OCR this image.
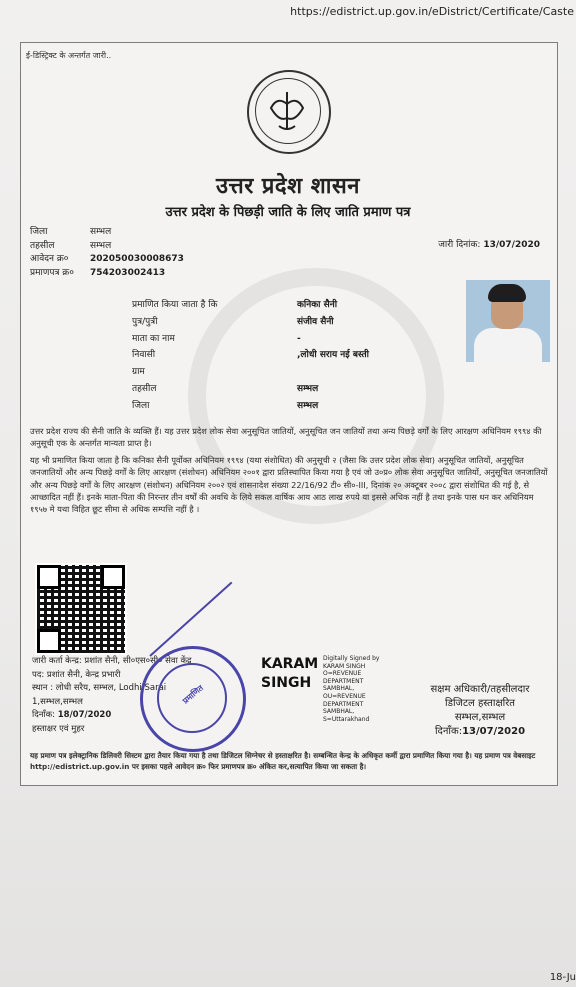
https://edistrict.up.gov.in/eDistrict/Certificate/Caste
ई-डिस्ट्रिक्ट के अन्तर्गत जारी..
उत्तर प्रदेश शासन
उत्तर प्रदेश के पिछड़ी जाति के लिए जाति प्रमाण पत्र
जिला	सम्भल
तहसील	सम्भल
आवेदन क्र०	202050030008673
प्रमाणपत्र क्र०	754203002413
जारी दिनांक: 13/07/2020
प्रमाणित किया जाता है कि	कनिका सैनी
पुत्र/पुत्री	संजीव सैनी
माता का नाम	-
निवासी	,लोधी सराय नई बस्ती
ग्राम
तहसील	सम्भल
जिला	सम्भल
उत्तर प्रदेश राज्य की सैनी जाति के व्यक्ति हैं। यह उत्तर प्रदेश लोक सेवा अनुसूचित जातियों, अनुसूचित जन जातियों तथा अन्य पिछड़े वर्गों के लिए आरक्षण अधिनियम १९९४ की अनुसूची एक के अन्तर्गत मान्यता प्राप्त है।
यह भी प्रमाणित किया जाता है कि कनिका सैनी पूर्वोक्त अधिनियम १९९४ (यथा संशोधित) की अनुसूची २ (जैसा कि उत्तर प्रदेश लोक सेवा) अनुसूचित जातियों, अनुसूचित जनजातियों और अन्य पिछड़े वर्गों के लिए आरक्षण (संशोधन) अधिनियम २००१ द्वारा प्रतिस्थापित किया गया है एवं जो उ०प्र० लोक सेवा अनुसूचित जातियों, अनुसूचित जनजातियों और अन्य पिछड़े वर्गों के लिए आरक्षण (संशोधन) अधिनियम २००२ एवं शासनादेश संख्या 22/16/92 टी० सी०-III, दिनांक २० अक्टूबर २००८ द्वारा संशोधित की गई है, से आच्छादित नहीं हैं। इनके माता-पिता की निरन्तर तीन वर्षों की अवधि के लिये सकल वार्षिक आय आठ लाख रुपये या इससे अधिक नहीं है तथा इनके पास धन कर अधिनियम १९५७ मे यथा विहित छूट सीमा से अधिक सम्पत्ति नहीं है ।
जारी कर्ता केन्द्र: प्रशांत सैनी, सी०एस०सी० सेवा केंद्र
पद: प्रशांत सैनी, केन्द्र प्रभारी
स्थान : लोधी सरैय, सम्भल, Lodhi Sarai
1,सम्भल,सम्भल
दिनाँक: 18/07/2020
हस्ताक्षर एवं मुहर
प्रमाणित
KARAM
SINGH
Digitally Signed by
KARAM SINGH
O=REVENUE
DEPARTMENT
SAMBHAL,
OU=REVENUE
DEPARTMENT
SAMBHAL,
S=Uttarakhand
सक्षम अधिकारी/तहसीलदार
डिजिटल हस्ताक्षरित
सम्भल,सम्भल
दिनाँक:13/07/2020
यह प्रमाण पत्र इलेक्ट्रानिक डिलिवरी सिस्टम द्वारा तैयार किया गया है तथा डिजिटल सिग्नेचर से हस्ताक्षरित है। सम्बन्धित केन्द्र के अधिकृत कर्मी द्वारा प्रमाणित किया गया है। यह प्रमाण पत्र वेबसाइट http://edistrict.up.gov.in पर इसका पहले आवेदन क्र० फिर प्रमाणपत्र क्र० अंकित कर,सत्यापित किया जा सकता है।
18-Ju
